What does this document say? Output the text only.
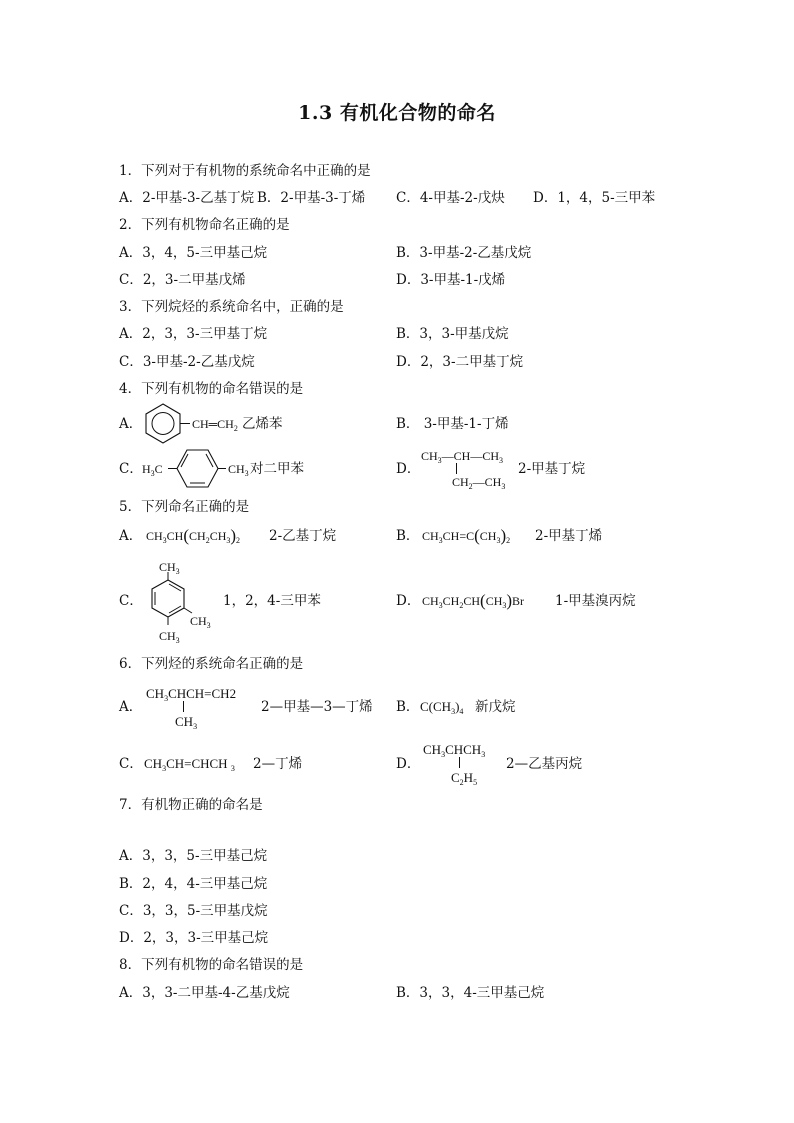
1.3 有机化合物的命名
1．下列对于有机物的系统命名中正确的是
A．2-甲基-3-乙基丁烷 B．2-甲基-3-丁烯 C．4-甲基-2-戊炔 D．1，4，5-三甲苯
2．下列有机物命名正确的是
A．3，4，5-三甲基己烷	B．3-甲基-2-乙基戊烷
C．2，3-二甲基戊烯	D．3-甲基-1-戊烯
3．下列烷烃的系统命名中，正确的是
A．2，3，3-三甲基丁烷	B．3，3-甲基戊烷
C．3-甲基-2-乙基戊烷	D．2，3-二甲基丁烷
4．下列有机物的命名错误的是
A．	$CH═CH_2$ 乙烯苯	B． 3-甲基-1-丁烯
C． $H_3C$	$CH_3$ 对二甲苯	D．
$CH_3—CH—CH_3$
$CH_2—CH_3$
2-甲基丁烷
5．下列命名正确的是
A． $CH_3CH(CH_2CH_3)_2$ 2-乙基丁烷	B． $CH_3CH=C(CH_3)_2$ 2-甲基丁烯
C．
$CH_3$
$CH_3$
$CH_3$
1，2，4-三甲苯	D． $CH_3CH_2CH(CH_3)Br$ 1-甲基溴丙烷
6．下列烃的系统命名正确的是
A．
$CH_3CHCH=CH2$
$CH_3$
2—甲基—3—丁烯 B． $C(CH_3)_4$ 新戊烷
C． $CH_3CH=CHCH$ $_3$ 2—丁烯	D．
$CH_3CHCH_3$
$C_2H_5$
2—乙基丙烷
7．有机物正确的命名是
A．3，3，5-三甲基己烷
B．2，4，4-三甲基己烷
C．3，3，5-三甲基戊烷
D．2，3，3-三甲基己烷
8．下列有机物的命名错误的是
A．3，3-二甲基-4-乙基戊烷	B．3，3，4-三甲基己烷
